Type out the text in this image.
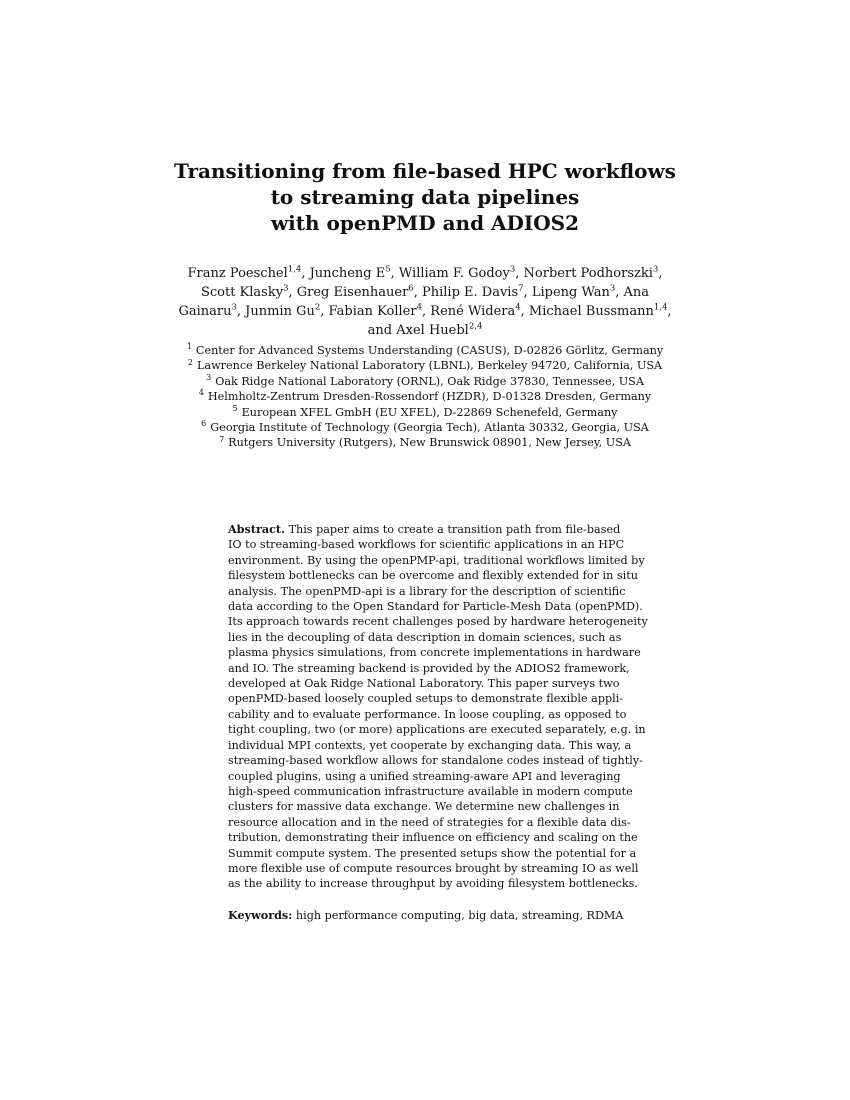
Transitioning from file-based HPC workflows
to streaming data pipelines
with openPMD and ADIOS2
Franz Poeschel$^{1,4}$, Juncheng $E^5$, William F. Godoy$^3$, Norbert Podhorszki$^3$, Scott Klasky$^3$, Greg Eisenhauer$^6$, Philip E. Davis$^7$, Lipeng Wan$^3$, Ana Gainaru$^3$, Junmin Gu$^2$, Fabian Koller$^4$, René Widera$^4$, Michael Bussmann$^{1,4}$, and Axel Huebl$^{2,4}$
$^1$ Center for Advanced Systems Understanding (CASUS), D-02826 Görlitz, Germany
$^2$ Lawrence Berkeley National Laboratory (LBNL), Berkeley 94720, California, USA
$^3$ Oak Ridge National Laboratory (ORNL), Oak Ridge 37830, Tennessee, USA
$^4$ Helmholtz-Zentrum Dresden-Rossendorf (HZDR), D-01328 Dresden, Germany
$^5$ European XFEL GmbH (EU XFEL), D-22869 Schenefeld, Germany
$^6$ Georgia Institute of Technology (Georgia Tech), Atlanta 30332, Georgia, USA
$^7$ Rutgers University (Rutgers), New Brunswick 08901, New Jersey, USA
Abstract. This paper aims to create a transition path from file-based
IO to streaming-based workflows for scientific applications in an HPC
environment. By using the openPMP-api, traditional workflows limited by
filesystem bottlenecks can be overcome and flexibly extended for in situ
analysis. The openPMD-api is a library for the description of scientific
data according to the Open Standard for Particle-Mesh Data (openPMD).
Its approach towards recent challenges posed by hardware heterogeneity
lies in the decoupling of data description in domain sciences, such as
plasma physics simulations, from concrete implementations in hardware
and IO. The streaming backend is provided by the ADIOS2 framework,
developed at Oak Ridge National Laboratory. This paper surveys two
openPMD-based loosely coupled setups to demonstrate flexible appli-
cability and to evaluate performance. In loose coupling, as opposed to
tight coupling, two (or more) applications are executed separately, e.g. in
individual MPI contexts, yet cooperate by exchanging data. This way, a
streaming-based workflow allows for standalone codes instead of tightly-
coupled plugins, using a unified streaming-aware API and leveraging
high-speed communication infrastructure available in modern compute
clusters for massive data exchange. We determine new challenges in
resource allocation and in the need of strategies for a flexible data dis-
tribution, demonstrating their influence on efficiency and scaling on the
Summit compute system. The presented setups show the potential for a
more flexible use of compute resources brought by streaming IO as well
as the ability to increase throughput by avoiding filesystem bottlenecks.
Keywords: high performance computing, big data, streaming, RDMA
